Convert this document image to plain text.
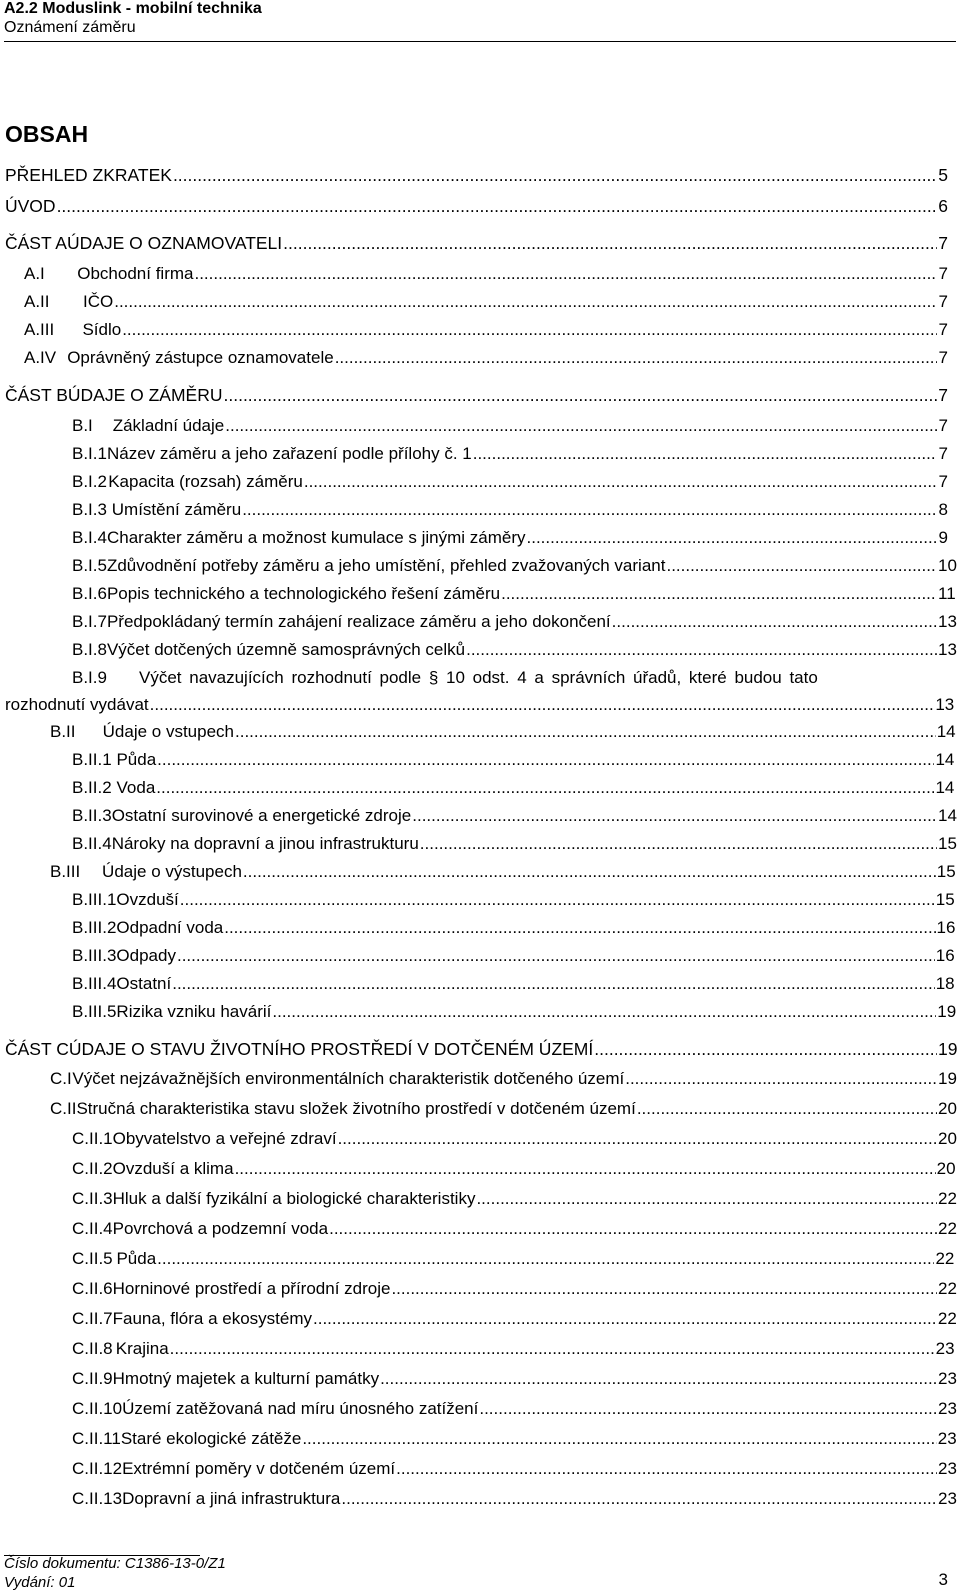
A2.2 Moduslink - mobilní technika
Oznámení záměru
OBSAH
PŘEHLED ZKRATEK .....	5
ÚVOD .....	6
ČÁST A ÚDAJE O OZNAMOVATELI .....	7
A.I	Obchodní firma .....	7
A.II	IČO .....	7
A.III	Sídlo .....	7
A.IV Oprávněný zástupce oznamovatele .....	7
ČÁST B ÚDAJE O ZÁMĚRU .....	7
B.I	Základní údaje .....	7
B.I.1 Název záměru a jeho zařazení podle přílohy č. 1 .....	7
B.I.2 Kapacita (rozsah) záměru .....	7
B.I.3 Umístění záměru .....	8
B.I.4 Charakter záměru a možnost kumulace s jinými záměry .....	9
B.I.5 Zdůvodnění potřeby záměru a jeho umístění, přehled zvažovaných variant .....	10
B.I.6 Popis technického a technologického řešení záměru .....	11
B.I.7 Předpokládaný termín zahájení realizace záměru a jeho dokončení .....	13
B.I.8 Výčet dotčených územně samosprávných celků .....	13
B.I.9	Výčet navazujících rozhodnutí podle § 10 odst. 4 a správních úřadů, které budou tato
rozhodnutí vydávat .....	13
B.II	Údaje o vstupech .....	14
B.II.1 Půda .....	14
B.II.2 Voda .....	14
B.II.3 Ostatní surovinové a energetické zdroje .....	14
B.II.4 Nároky na dopravní a jinou infrastrukturu .....	15
B.III	Údaje o výstupech .....	15
B.III.1 Ovzduší .....	15
B.III.2 Odpadní voda .....	16
B.III.3 Odpady .....	16
B.III.4 Ostatní .....	18
B.III.5 Rizika vzniku havárií .....	19
ČÁST C ÚDAJE O STAVU ŽIVOTNÍHO PROSTŘEDÍ V DOTČENÉM ÚZEMÍ .....	19
C.I Výčet nejzávažnějších environmentálních charakteristik dotčeného území .....	19
C.II Stručná charakteristika stavu složek životního prostředí v dotčeném území .....	20
C.II.1 Obyvatelstvo a veřejné zdraví .....	20
C.II.2 Ovzduší a klima .....	20
C.II.3 Hluk a další fyzikální a biologické charakteristiky .....	22
C.II.4 Povrchová a podzemní voda .....	22
C.II.5 Půda .....	22
C.II.6 Horninové prostředí a přírodní zdroje .....	22
C.II.7 Fauna, flóra a ekosystémy .....	22
C.II.8 Krajina .....	23
C.II.9 Hmotný majetek a kulturní památky .....	23
C.II.10 Území zatěžovaná nad míru únosného zatížení .....	23
C.II.11 Staré ekologické zátěže .....	23
C.II.12 Extrémní poměry v dotčeném území .....	23
C.II.13 Dopravní a jiná infrastruktura .....	23
Číslo dokumentu: C1386-13-0/Z1
Vydání: 01	3
